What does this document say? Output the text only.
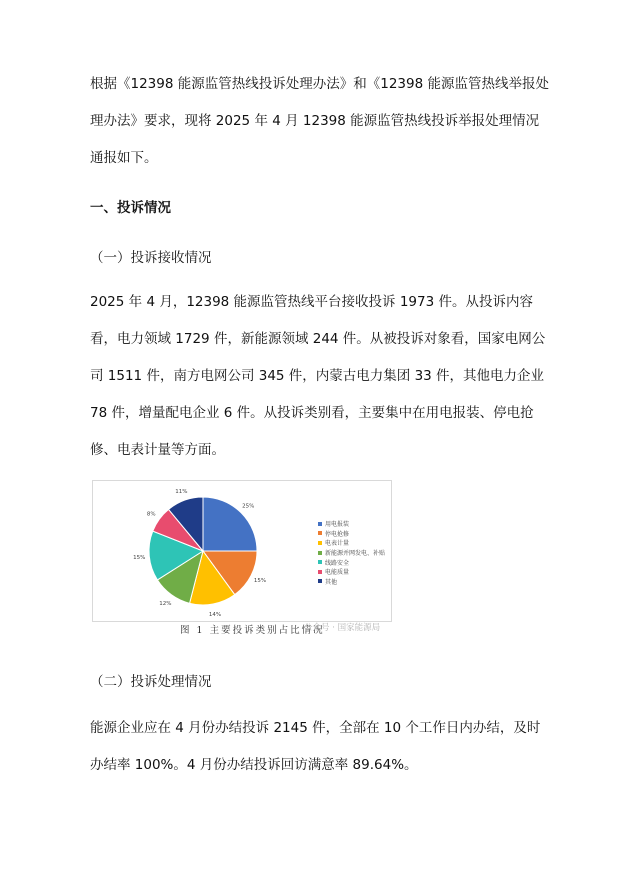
根据《12398 能源监管热线投诉处理办法》和《12398 能源监管热线举报处理办法》要求，现将 2025 年 4 月 12398 能源监管热线投诉举报处理情况通报如下。

一、投诉情况

（一）投诉接收情况

2025 年 4 月，12398 能源监管热线平台接收投诉 1973 件。从投诉内容看，电力领域 1729 件，新能源领域 244 件。从被投诉对象看，国家电网公司 1511 件，南方电网公司 345 件，内蒙古电力集团 33 件，其他电力企业 78 件，增量配电企业 6 件。从投诉类别看，主要集中在用电报装、停电抢修、电表计量等方面。

25%
15%
14%
12%
15%
8%
11%
用电报装
停电抢修
电表计量
新能源并网发电、补贴
线路安全
电能质量
其他
图 1 主要投诉类别占比情况
公众号 · 国家能源局

（二）投诉处理情况

能源企业应在 4 月份办结投诉 2145 件，全部在 10 个工作日内办结，及时办结率 100%。4 月份办结投诉回访满意率 89.64%。
